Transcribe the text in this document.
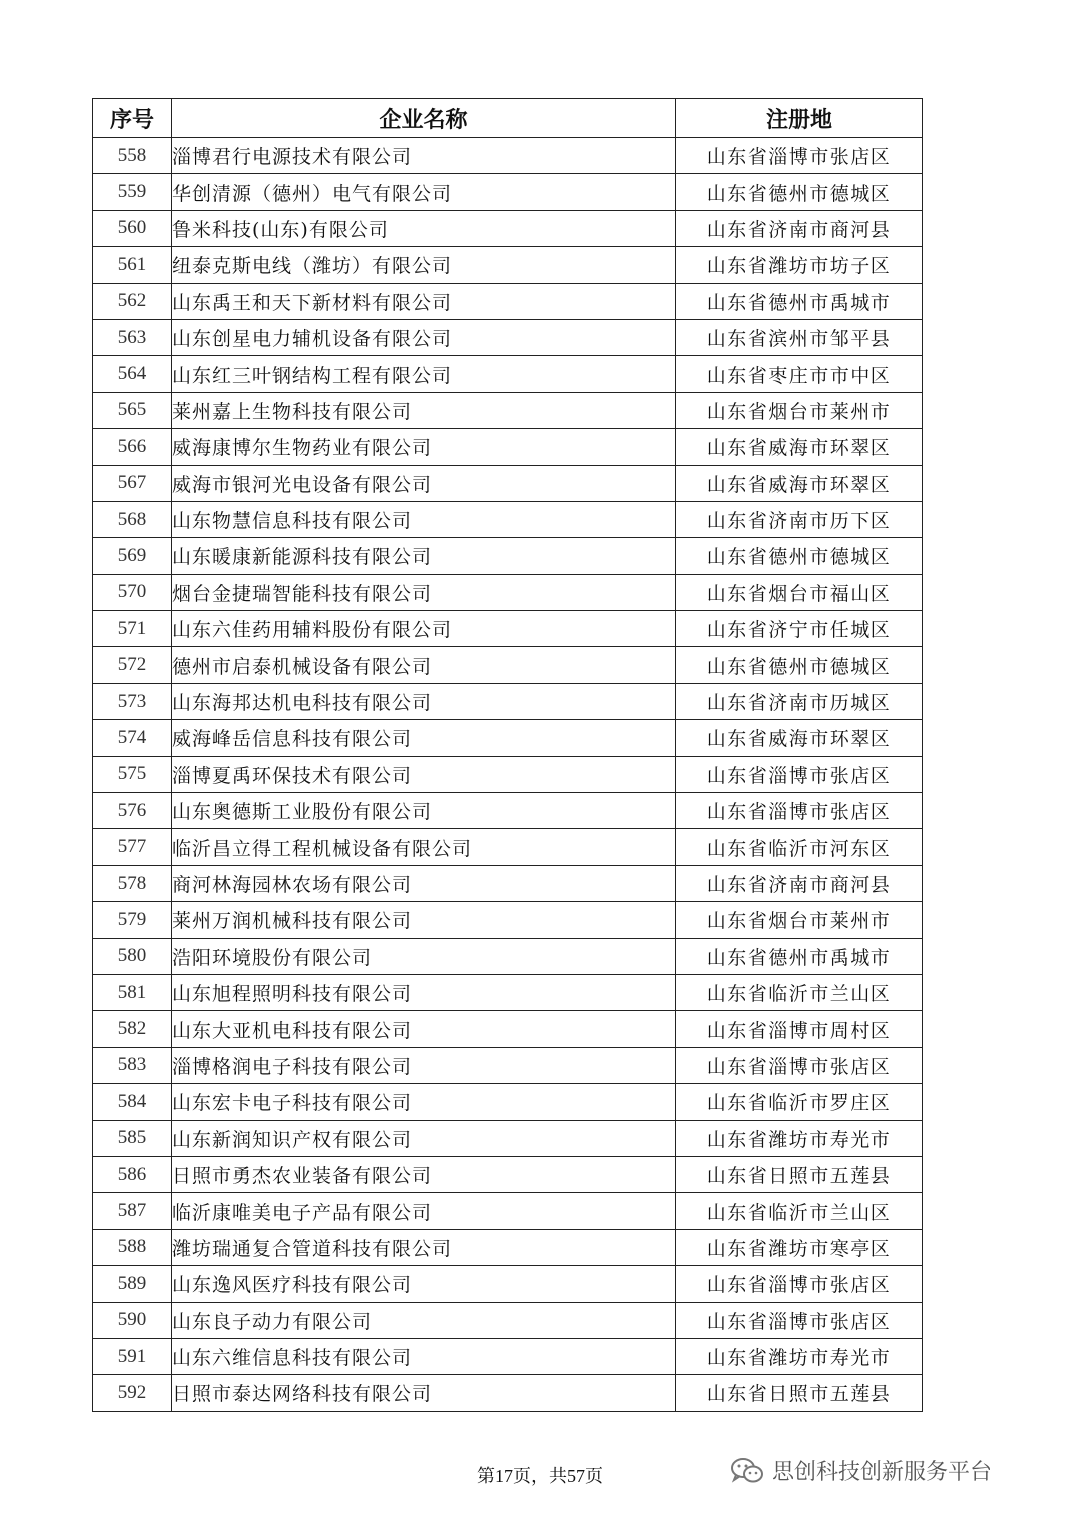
序号	企业名称	注册地
558	淄博君行电源技术有限公司	山东省淄博市张店区
559	华创清源（德州）电气有限公司	山东省德州市德城区
560	鲁米科技(山东)有限公司	山东省济南市商河县
561	纽泰克斯电线（潍坊）有限公司	山东省潍坊市坊子区
562	山东禹王和天下新材料有限公司	山东省德州市禹城市
563	山东创星电力辅机设备有限公司	山东省滨州市邹平县
564	山东红三叶钢结构工程有限公司	山东省枣庄市市中区
565	莱州嘉上生物科技有限公司	山东省烟台市莱州市
566	威海康博尔生物药业有限公司	山东省威海市环翠区
567	威海市银河光电设备有限公司	山东省威海市环翠区
568	山东物慧信息科技有限公司	山东省济南市历下区
569	山东暖康新能源科技有限公司	山东省德州市德城区
570	烟台金捷瑞智能科技有限公司	山东省烟台市福山区
571	山东六佳药用辅料股份有限公司	山东省济宁市任城区
572	德州市启泰机械设备有限公司	山东省德州市德城区
573	山东海邦达机电科技有限公司	山东省济南市历城区
574	威海峰岳信息科技有限公司	山东省威海市环翠区
575	淄博夏禹环保技术有限公司	山东省淄博市张店区
576	山东奥德斯工业股份有限公司	山东省淄博市张店区
577	临沂昌立得工程机械设备有限公司	山东省临沂市河东区
578	商河林海园林农场有限公司	山东省济南市商河县
579	莱州万润机械科技有限公司	山东省烟台市莱州市
580	浩阳环境股份有限公司	山东省德州市禹城市
581	山东旭程照明科技有限公司	山东省临沂市兰山区
582	山东大亚机电科技有限公司	山东省淄博市周村区
583	淄博格润电子科技有限公司	山东省淄博市张店区
584	山东宏卡电子科技有限公司	山东省临沂市罗庄区
585	山东新润知识产权有限公司	山东省潍坊市寿光市
586	日照市勇杰农业装备有限公司	山东省日照市五莲县
587	临沂康唯美电子产品有限公司	山东省临沂市兰山区
588	潍坊瑞通复合管道科技有限公司	山东省潍坊市寒亭区
589	山东逸风医疗科技有限公司	山东省淄博市张店区
590	山东良子动力有限公司	山东省淄博市张店区
591	山东六维信息科技有限公司	山东省潍坊市寿光市
592	日照市泰达网络科技有限公司	山东省日照市五莲县
第17页，共57页	思创科技创新服务平台
